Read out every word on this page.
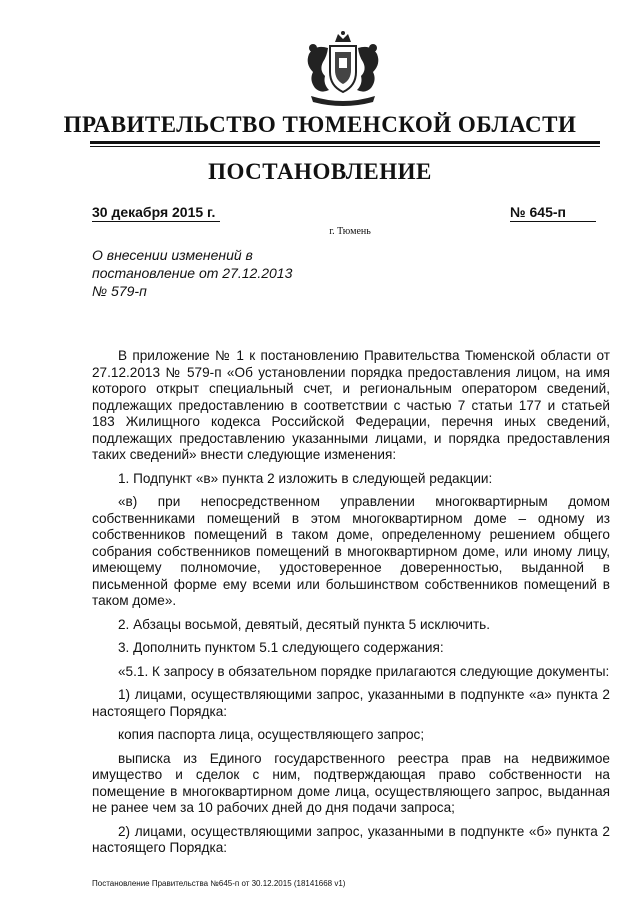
ПРАВИТЕЛЬСТВО ТЮМЕНСКОЙ ОБЛАСТИ
ПОСТАНОВЛЕНИЕ
30 декабря 2015 г.	№ 645-п
г. Тюмень
О внесении изменений в
постановление от 27.12.2013
№ 579-п

В приложение № 1 к постановлению Правительства Тюменской области от 27.12.2013 № 579-п «Об установлении порядка предоставления лицом, на имя которого открыт специальный счет, и региональным оператором сведений, подлежащих предоставлению в соответствии с частью 7 статьи 177 и статьей 183 Жилищного кодекса Российской Федерации, перечня иных сведений, подлежащих предоставлению указанными лицами, и порядка предоставления таких сведений» внести следующие изменения:

1. Подпункт «в» пункта 2 изложить в следующей редакции:

«в) при непосредственном управлении многоквартирным домом собственниками помещений в этом многоквартирном доме – одному из собственников помещений в таком доме, определенному решением общего собрания собственников помещений в многоквартирном доме, или иному лицу, имеющему полномочие, удостоверенное доверенностью, выданной в письменной форме ему всеми или большинством собственников помещений в таком доме».

2. Абзацы восьмой, девятый, десятый пункта 5 исключить.

3. Дополнить пунктом 5.1 следующего содержания:

«5.1. К запросу в обязательном порядке прилагаются следующие документы:

1) лицами, осуществляющими запрос, указанными в подпункте «а» пункта 2 настоящего Порядка:

копия паспорта лица, осуществляющего запрос;

выписка из Единого государственного реестра прав на недвижимое имущество и сделок с ним, подтверждающая право собственности на помещение в многоквартирном доме лица, осуществляющего запрос, выданная не ранее чем за 10 рабочих дней до дня подачи запроса;

2) лицами, осуществляющими запрос, указанными в подпункте «б» пункта 2 настоящего Порядка:

Постановление Правительства №645-п от 30.12.2015 (18141668 v1)
